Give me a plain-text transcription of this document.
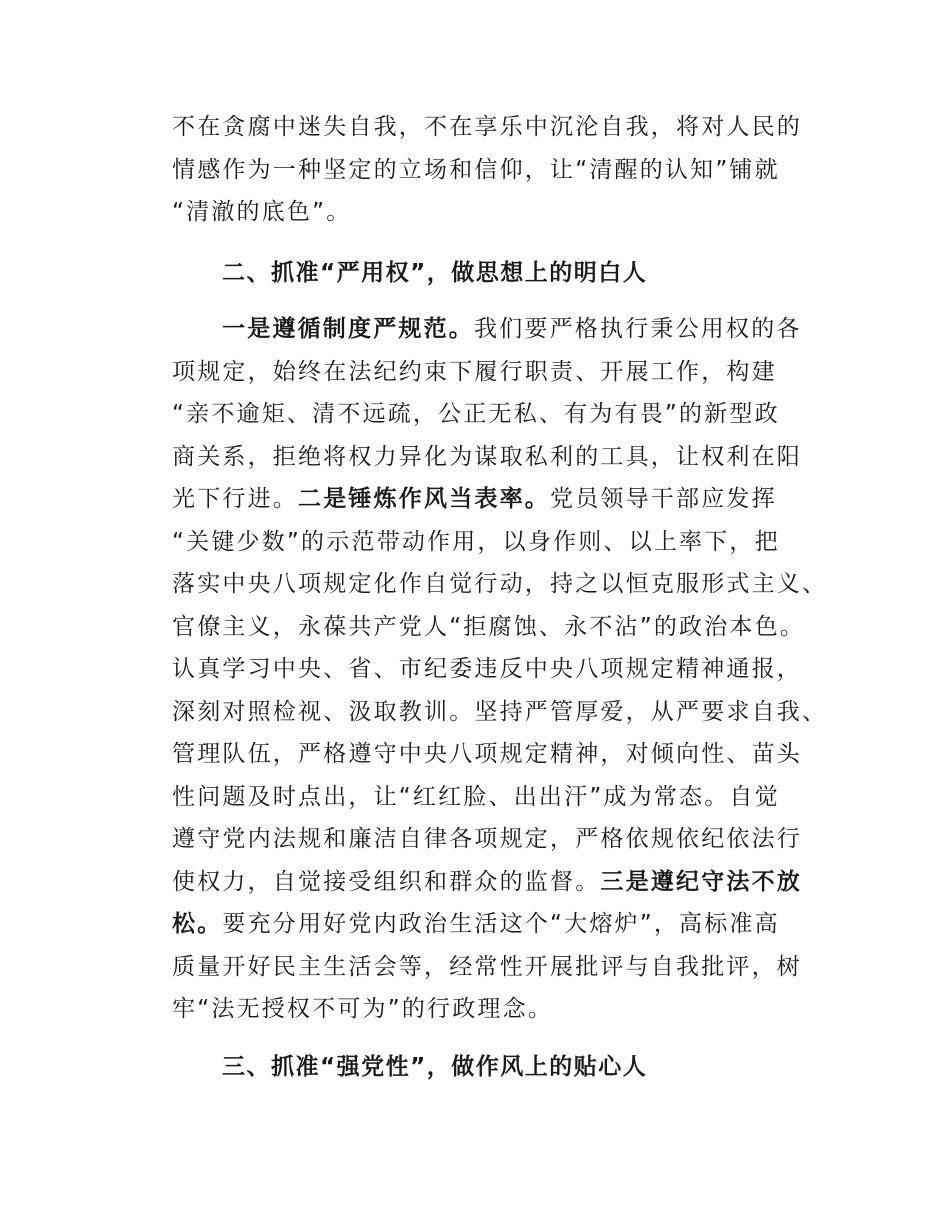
不在贪腐中迷失自我，不在享乐中沉沦自我，将对人民的
情感作为一种坚定的立场和信仰，让“清醒的认知”铺就
“清澈的底色”。
二、抓准“严用权”，做思想上的明白人
一是遵循制度严规范。我们要严格执行秉公用权的各
项规定，始终在法纪约束下履行职责、开展工作，构建
“亲不逾矩、清不远疏，公正无私、有为有畏”的新型政
商关系，拒绝将权力异化为谋取私利的工具，让权利在阳
光下行进。二是锤炼作风当表率。党员领导干部应发挥
“关键少数”的示范带动作用，以身作则、以上率下，把
落实中央八项规定化作自觉行动，持之以恒克服形式主义、
官僚主义，永葆共产党人“拒腐蚀、永不沾”的政治本色。
认真学习中央、省、市纪委违反中央八项规定精神通报，
深刻对照检视、汲取教训。坚持严管厚爱，从严要求自我、
管理队伍，严格遵守中央八项规定精神，对倾向性、苗头
性问题及时点出，让“红红脸、出出汗”成为常态。自觉
遵守党内法规和廉洁自律各项规定，严格依规依纪依法行
使权力，自觉接受组织和群众的监督。三是遵纪守法不放
松。要充分用好党内政治生活这个“大熔炉”，高标准高
质量开好民主生活会等，经常性开展批评与自我批评，树
牢“法无授权不可为”的行政理念。
三、抓准“强党性”，做作风上的贴心人
